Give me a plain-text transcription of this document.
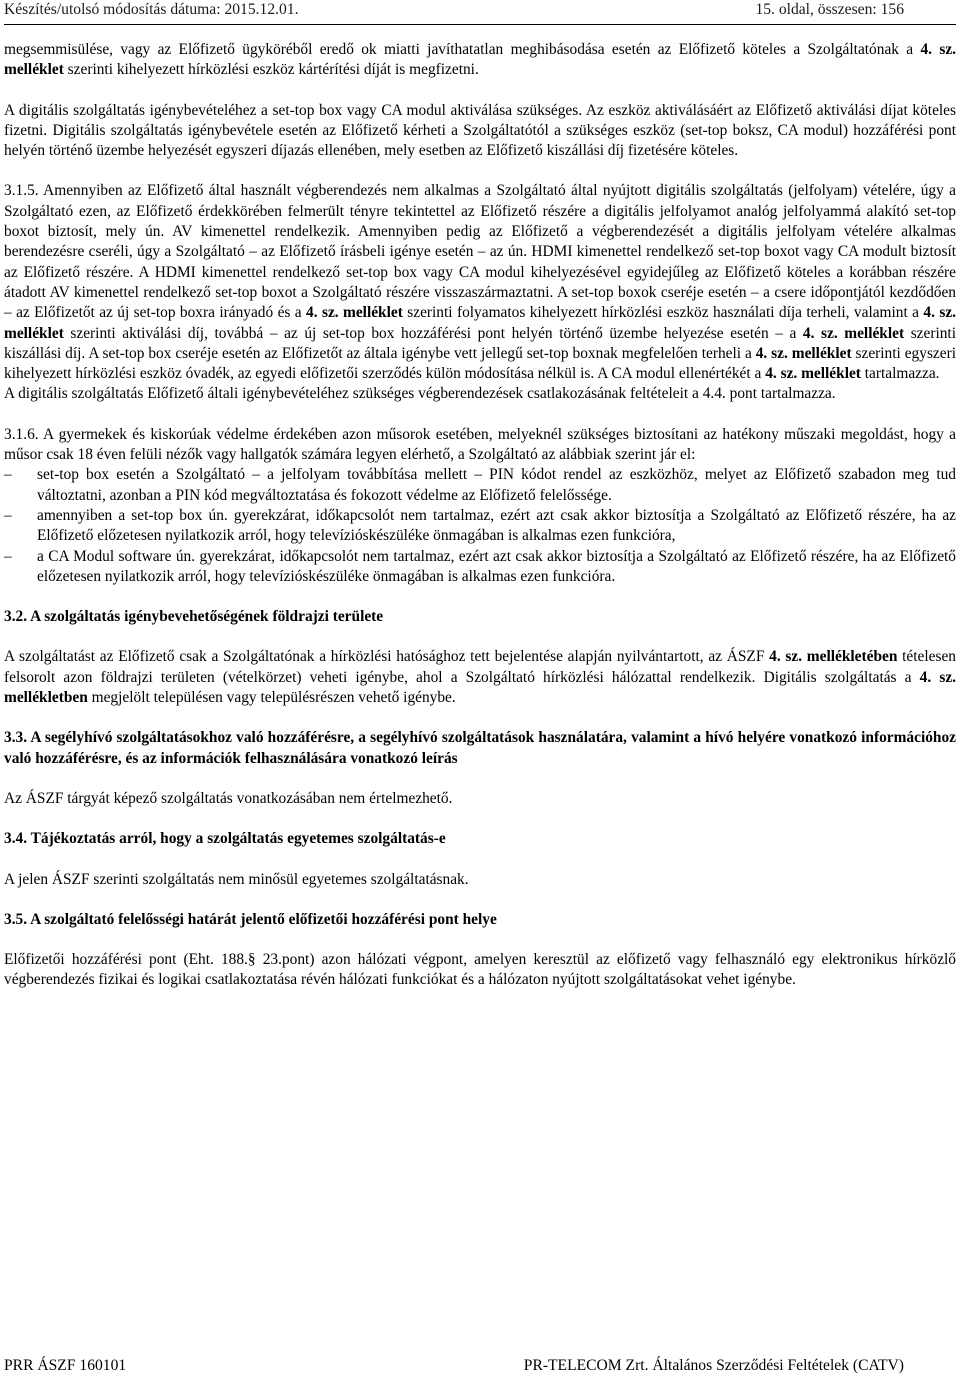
Készítés/utolsó módosítás dátuma: 2015.12.01.	15. oldal, összesen: 156

megsemmisülése, vagy az Előfizető ügyköréből eredő ok miatti javíthatatlan meghibásodása esetén az Előfizető köteles a Szolgáltatónak a 4. sz. melléklet szerinti kihelyezett hírközlési eszköz kártérítési díját is megfizetni.

A digitális szolgáltatás igénybevételéhez a set-top box vagy CA modul aktiválása szükséges. Az eszköz aktiválásáért az Előfizető aktiválási díjat köteles fizetni. Digitális szolgáltatás igénybevétele esetén az Előfizető kérheti a Szolgáltatótól a szükséges eszköz (set-top boksz, CA modul) hozzáférési pont helyén történő üzembe helyezését egyszeri díjazás ellenében, mely esetben az Előfizető kiszállási díj fizetésére köteles.

3.1.5. Amennyiben az Előfizető által használt végberendezés nem alkalmas a Szolgáltató által nyújtott digitális szolgáltatás (jelfolyam) vételére, úgy a Szolgáltató ezen, az Előfizető érdekkörében felmerült tényre tekintettel az Előfizető részére a digitális jelfolyamot analóg jelfolyammá alakító set-top boxot biztosít, mely ún. AV kimenettel rendelkezik. Amennyiben pedig az Előfizető a végberendezését a digitális jelfolyam vételére alkalmas berendezésre cseréli, úgy a Szolgáltató – az Előfizető írásbeli igénye esetén – az ún. HDMI kimenettel rendelkező set-top boxot vagy CA modult biztosít az Előfizető részére. A HDMI kimenettel rendelkező set-top box vagy CA modul kihelyezésével egyidejűleg az Előfizető köteles a korábban részére átadott AV kimenettel rendelkező set-top boxot a Szolgáltató részére visszaszármaztatni. A set-top boxok cseréje esetén – a csere időpontjától kezdődően – az Előfizetőt az új set-top boxra irányadó és a 4. sz. melléklet szerinti folyamatos kihelyezett hírközlési eszköz használati díja terheli, valamint a 4. sz. melléklet szerinti aktiválási díj, továbbá – az új set-top box hozzáférési pont helyén történő üzembe helyezése esetén – a 4. sz. melléklet szerinti kiszállási díj. A set-top box cseréje esetén az Előfizetőt az általa igénybe vett jellegű set-top boxnak megfelelően terheli a 4. sz. melléklet szerinti egyszeri kihelyezett hírközlési eszköz óvadék, az egyedi előfizetői szerződés külön módosítása nélkül is. A CA modul ellenértékét a 4. sz. melléklet tartalmazza.

A digitális szolgáltatás Előfizető általi igénybevételéhez szükséges végberendezések csatlakozásának feltételeit a 4.4. pont tartalmazza.

3.1.6. A gyermekek és kiskorúak védelme érdekében azon műsorok esetében, melyeknél szükséges biztosítani az hatékony műszaki megoldást, hogy a műsor csak 18 éven felüli nézők vagy hallgatók számára legyen elérhető, a Szolgáltató az alábbiak szerint jár el:

– set-top box esetén a Szolgáltató – a jelfolyam továbbítása mellett – PIN kódot rendel az eszközhöz, melyet az Előfizető szabadon meg tud változtatni, azonban a PIN kód megváltoztatása és fokozott védelme az Előfizető felelőssége.
– amennyiben a set-top box ún. gyerekzárat, időkapcsolót nem tartalmaz, ezért azt csak akkor biztosítja a Szolgáltató az Előfizető részére, ha az Előfizető előzetesen nyilatkozik arról, hogy televízióskészüléke önmagában is alkalmas ezen funkcióra,
– a CA Modul software ún. gyerekzárat, időkapcsolót nem tartalmaz, ezért azt csak akkor biztosítja a Szolgáltató az Előfizető részére, ha az Előfizető előzetesen nyilatkozik arról, hogy televízióskészüléke önmagában is alkalmas ezen funkcióra.

3.2. A szolgáltatás igénybevehetőségének földrajzi területe

A szolgáltatást az Előfizető csak a Szolgáltatónak a hírközlési hatósághoz tett bejelentése alapján nyilvántartott, az ÁSZF 4. sz. mellékletében tételesen felsorolt azon földrajzi területen (vételkörzet) veheti igénybe, ahol a Szolgáltató hírközlési hálózattal rendelkezik. Digitális szolgáltatás a 4. sz. mellékletben megjelölt településen vagy településrészen vehető igénybe.

3.3. A segélyhívó szolgáltatásokhoz való hozzáférésre, a segélyhívó szolgáltatások használatára, valamint a hívó helyére vonatkozó információhoz való hozzáférésre, és az információk felhasználására vonatkozó leírás

Az ÁSZF tárgyát képező szolgáltatás vonatkozásában nem értelmezhető.

3.4. Tájékoztatás arról, hogy a szolgáltatás egyetemes szolgáltatás-e

A jelen ÁSZF szerinti szolgáltatás nem minősül egyetemes szolgáltatásnak.

3.5. A szolgáltató felelősségi határát jelentő előfizetői hozzáférési pont helye

Előfizetői hozzáférési pont (Eht. 188.§ 23.pont) azon hálózati végpont, amelyen keresztül az előfizető vagy felhasználó egy elektronikus hírközlő végberendezés fizikai és logikai csatlakoztatása révén hálózati funkciókat és a hálózaton nyújtott szolgáltatásokat vehet igénybe.

PRR ÁSZF 160101	PR-TELECOM Zrt. Általános Szerződési Feltételek (CATV)
